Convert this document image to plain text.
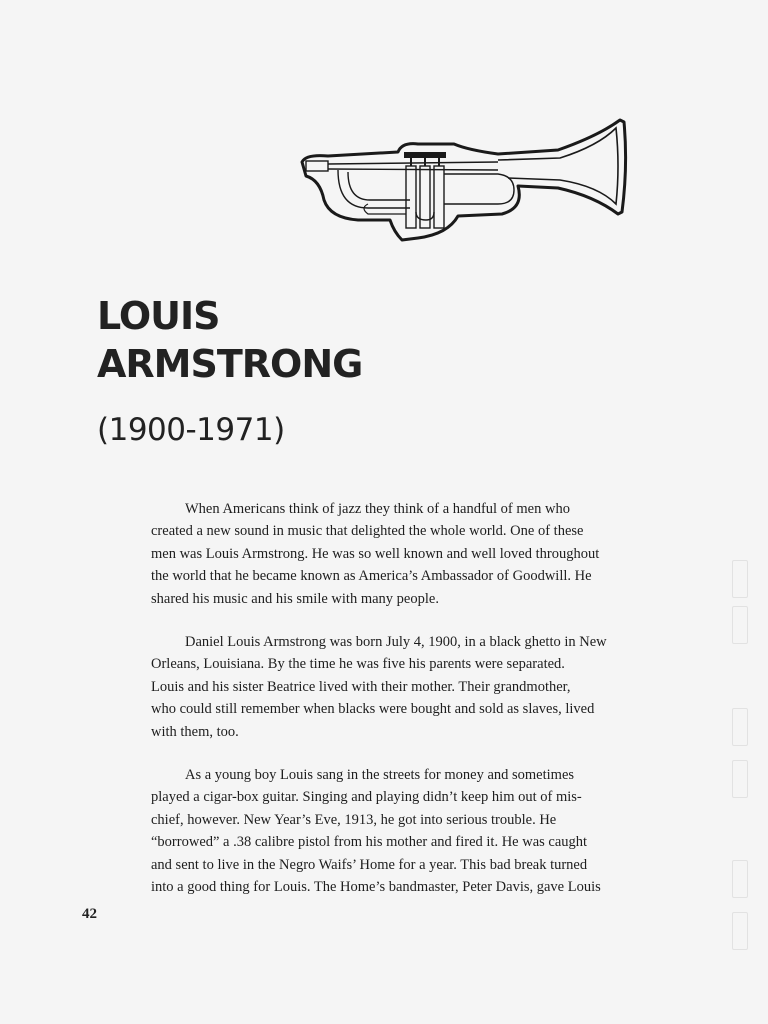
LOUIS
ARMSTRONG
(1900-1971)

When Americans think of jazz they think of a handful of men who
created a new sound in music that delighted the whole world. One of these
men was Louis Armstrong. He was so well known and well loved throughout
the world that he became known as America’s Ambassador of Goodwill. He
shared his music and his smile with many people.

Daniel Louis Armstrong was born July 4, 1900, in a black ghetto in New
Orleans, Louisiana. By the time he was five his parents were separated.
Louis and his sister Beatrice lived with their mother. Their grandmother,
who could still remember when blacks were bought and sold as slaves, lived
with them, too.

As a young boy Louis sang in the streets for money and sometimes
played a cigar-box guitar. Singing and playing didn’t keep him out of mis-
chief, however. New Year’s Eve, 1913, he got into serious trouble. He
“borrowed” a .38 calibre pistol from his mother and fired it. He was caught
and sent to live in the Negro Waifs’ Home for a year. This bad break turned
into a good thing for Louis. The Home’s bandmaster, Peter Davis, gave Louis

42
